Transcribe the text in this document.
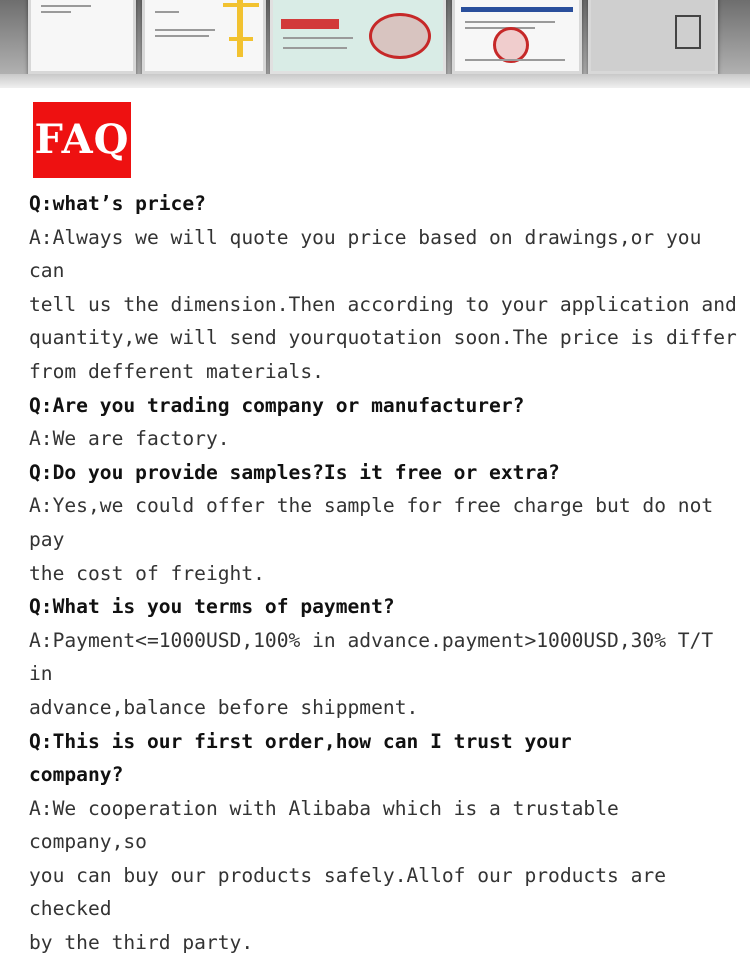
FAQ

Q:what’s price?

A:Always we will quote you price based on drawings,or you can

tell us the dimension.Then according to your application and

quantity,we will send yourquotation soon.The price is differ

from defferent materials.

Q:Are you trading company or manufacturer?

A:We are factory.

Q:Do you provide samples?Is it free or extra?

A:Yes,we could offer the sample for free charge but do not pay

the cost of freight.

Q:What is you terms of payment?

A:Payment<=1000USD,100% in advance.payment>1000USD,30% T/T in

advance,balance before shippment.

Q:This is our first order,how can I trust your

company?

A:We cooperation with Alibaba which is a trustable company,so

you can buy our products safely.Allof our products are checked

by the third party.
